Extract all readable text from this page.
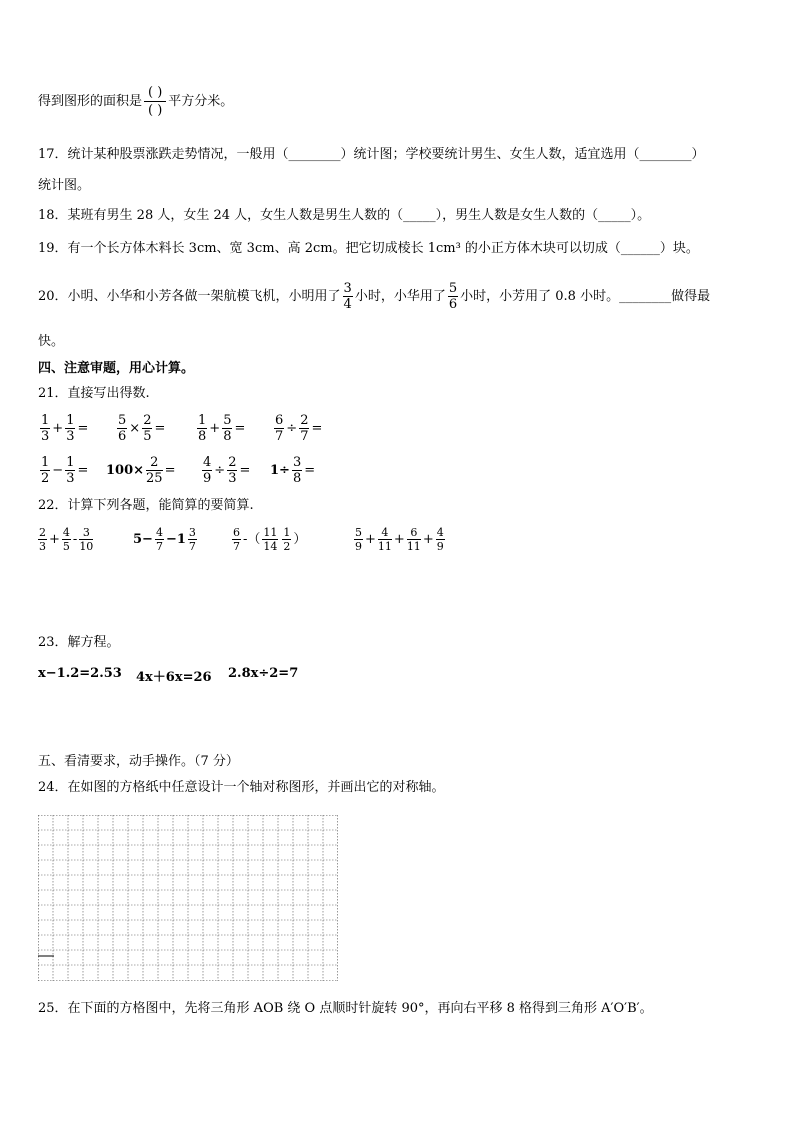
得到图形的面积是
( )
( )
平方分米。
17．统计某种股票涨跌走势情况，一般用（________）统计图；学校要统计男生、女生人数，适宜选用（________）
统计图。
18．某班有男生 28 人，女生 24 人，女生人数是男生人数的（_____），男生人数是女生人数的（_____）。
19．有一个长方体木料长 3cm、宽 3cm、高 2cm。把它切成棱长 1cm³ 的小正方体木块可以切成（______）块。
20．小明、小华和小芳各做一架航模飞机，小明用了 $\frac{3}{4}$ 小时，小华用了 $\frac{5}{6}$ 小时，小芳用了 0.8 小时。________做得最
快。
四、注意审题，用心计算。
21．直接写出得数.
$\frac{1}{3} + \frac{1}{3} = \frac{5}{6} \times \frac{2}{5} = \frac{1}{8} + \frac{5}{8} = \frac{6}{7} \div \frac{2}{7}$ =
$\frac{1}{2} - \frac{1}{3} = 100\times \frac{2}{25} = \frac{4}{9} \div \frac{2}{3} = 1\div \frac{3}{8}$ =
22．计算下列各题，能简算的要简算.
$\frac{2}{3} + \frac{4}{5} - \frac{3}{10}$	$5- \frac{4}{7} -1 \frac{3}{7}$	$\frac{6}{7}$ -（ $\frac{11}{14} \frac{1}{2}$ ）	$\frac{5}{9} + \frac{4}{11} + \frac{6}{11} + \frac{4}{9}$
23．解方程。
x−1.2=2.53 4x＋6x=26 2.8x÷2=7
五、看清要求，动手操作。（7 分）
24．在如图的方格纸中任意设计一个轴对称图形，并画出它的对称轴。
25．在下面的方格图中，先将三角形 AOB 绕 O 点顺时针旋转 90°，再向右平移 8 格得到三角形 A′O′B′。
